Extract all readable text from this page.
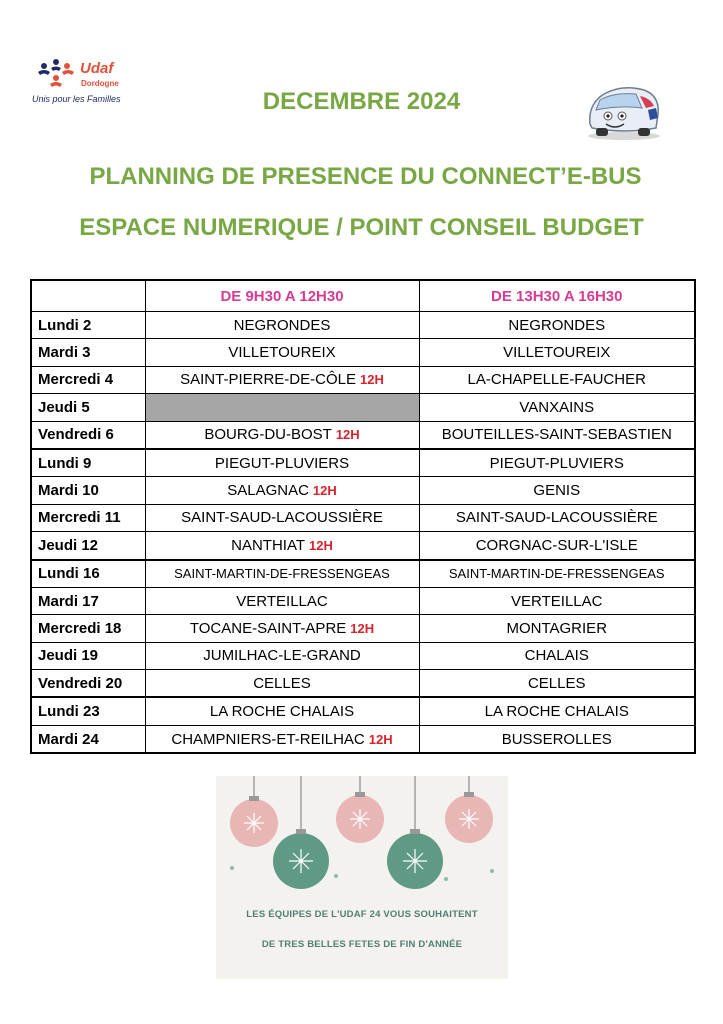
Udaf
Dordogne
Unis pour les Familles	DECEMBRE 2024
PLANNING DE PRESENCE DU CONNECT’E-BUS
ESPACE NUMERIQUE / POINT CONSEIL BUDGET
	DE 9H30 A 12H30	DE 13H30 A 16H30
Lundi 2	NEGRONDES	NEGRONDES
Mardi 3	VILLETOUREIX	VILLETOUREIX
Mercredi 4	SAINT-PIERRE-DE-CÔLE 12H	LA-CHAPELLE-FAUCHER
Jeudi 5		VANXAINS
Vendredi 6	BOURG-DU-BOST 12H	BOUTEILLES-SAINT-SEBASTIEN
Lundi 9	PIEGUT-PLUVIERS	PIEGUT-PLUVIERS
Mardi 10	SALAGNAC 12H	GENIS
Mercredi 11	SAINT-SAUD-LACOUSSIÈRE	SAINT-SAUD-LACOUSSIÈRE
Jeudi 12	NANTHIAT 12H	CORGNAC-SUR-L'ISLE
Lundi 16	SAINT-MARTIN-DE-FRESSENGEAS	SAINT-MARTIN-DE-FRESSENGEAS
Mardi 17	VERTEILLAC	VERTEILLAC
Mercredi 18	TOCANE-SAINT-APRE 12H	MONTAGRIER
Jeudi 19	JUMILHAC-LE-GRAND	CHALAIS
Vendredi 20	CELLES	CELLES
Lundi 23	LA ROCHE CHALAIS	LA ROCHE CHALAIS
Mardi 24	CHAMPNIERS-ET-REILHAC 12H	BUSSEROLLES
LES ÉQUIPES DE L'UDAF 24 VOUS SOUHAITENT
DE TRES BELLES FETES DE FIN D'ANNÉE
